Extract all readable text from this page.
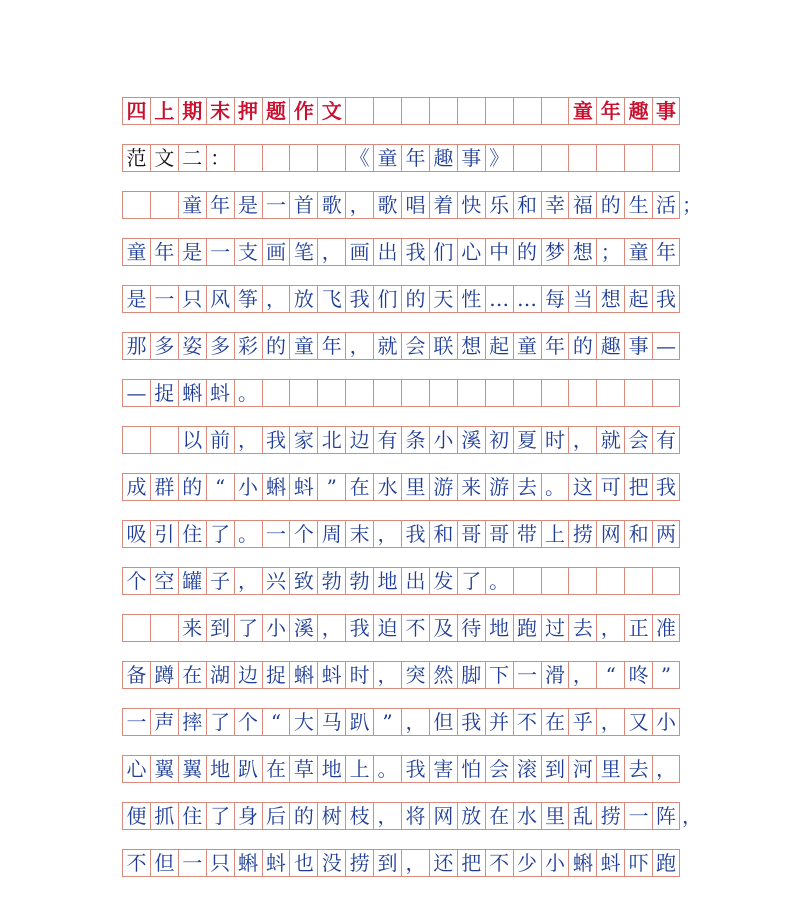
四 上 期 末 押 题 作 文	童 年 趣 事
范 文 二 ：	《 童 年 趣 事 》
童 年 是 一 首 歌 ， 歌 唱 着 快 乐 和 幸 福 的 生 活 ；
童 年 是 一 支 画 笔 ， 画 出 我 们 心 中 的 梦 想 ； 童 年
是 一 只 风 筝 ， 放 飞 我 们 的 天 性 … … 每 当 想 起 我
那 多 姿 多 彩 的 童 年 ， 就 会 联 想 起 童 年 的 趣 事 —
— 捉 蝌 蚪 。
以 前 ， 我 家 北 边 有 条 小 溪 初 夏 时 ， 就 会 有
成 群 的 “ 小 蝌 蚪 ” 在 水 里 游 来 游 去 。 这 可 把 我
吸 引 住 了 。 一 个 周 末 ， 我 和 哥 哥 带 上 捞 网 和 两
个 空 罐 子 ， 兴 致 勃 勃 地 出 发 了 。
来 到 了 小 溪 ， 我 迫 不 及 待 地 跑 过 去 ， 正 准
备 蹲 在 湖 边 捉 蝌 蚪 时 ， 突 然 脚 下 一 滑 ， “ 咚 ”
一 声 摔 了 个 “ 大 马 趴 ” ， 但 我 并 不 在 乎 ， 又 小
心 翼 翼 地 趴 在 草 地 上 。 我 害 怕 会 滚 到 河 里 去 ，
便 抓 住 了 身 后 的 树 枝 ， 将 网 放 在 水 里 乱 捞 一 阵 ，
不 但 一 只 蝌 蚪 也 没 捞 到 ， 还 把 不 少 小 蝌 蚪 吓 跑
